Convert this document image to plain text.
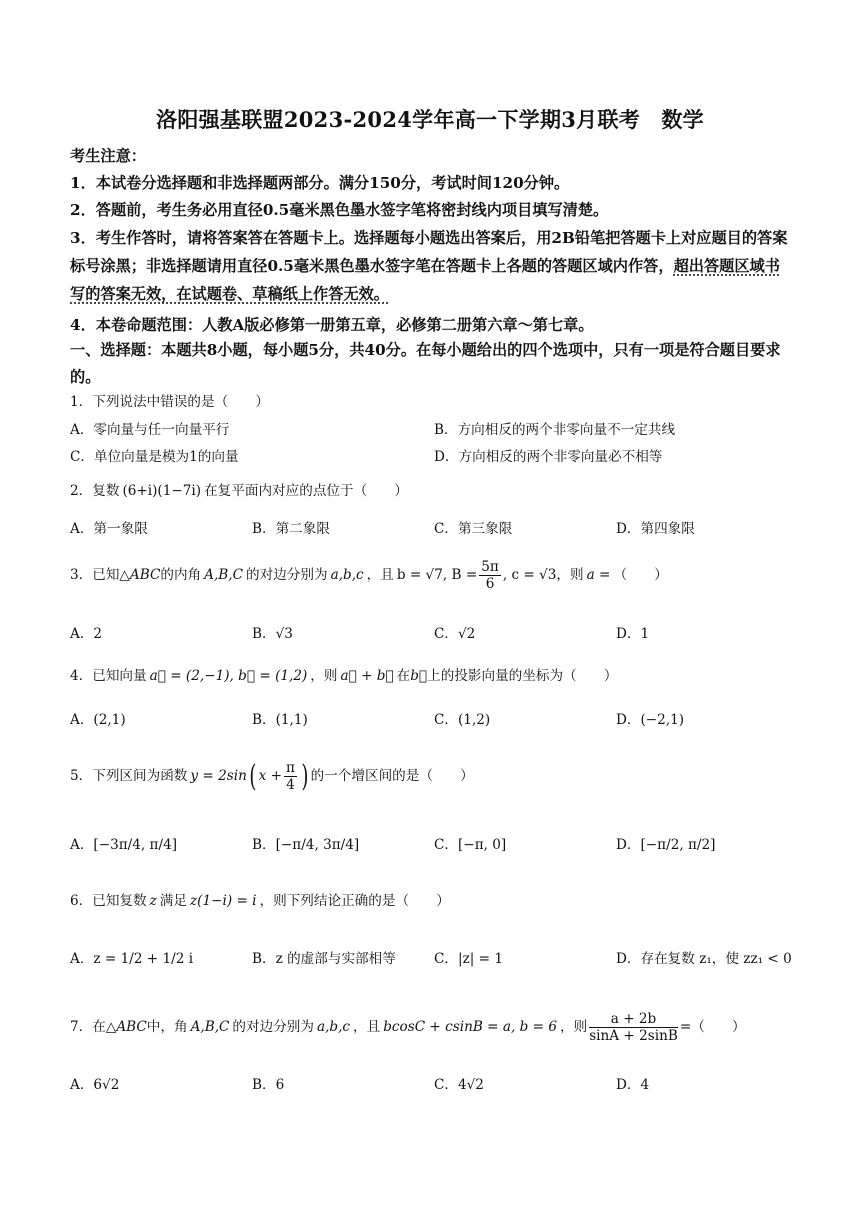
洛阳强基联盟2023-2024学年高一下学期3月联考　数学
考生注意：
1．本试卷分选择题和非选择题两部分。满分150分，考试时间120分钟。
2．答题前，考生务必用直径0.5毫米黑色墨水签字笔将密封线内项目填写清楚。
3．考生作答时，请将答案答在答题卡上。选择题每小题选出答案后，用2B铅笔把答题卡上对应题目的答案标号涂黑；非选择题请用直径0.5毫米黑色墨水签字笔在答题卡上各题的答题区域内作答，超出答题区域书写的答案无效，在试题卷、草稿纸上作答无效。
4．本卷命题范围：人教A版必修第一册第五章，必修第二册第六章～第七章。
一、选择题：本题共8小题，每小题5分，共40分。在每小题给出的四个选项中，只有一项是符合题目要求的。
1．下列说法中错误的是（　　）
A．零向量与任一向量平行	B．方向相反的两个非零向量不一定共线
C．单位向量是模为1的向量	D．方向相反的两个非零向量必不相等
2．复数 (6+i)(1−7i) 在复平面内对应的点位于（　　）
A．第一象限	B．第二象限	C．第三象限	D．第四象限
3．已知△ABC的内角 A,B,C 的对边分别为 a,b,c ，且 b = √7, $B = \frac{5\pi}{6}$ , c = √3，则 a = （　　）
A．2	B．√3	C．√2	D．1
4．已知向量 a⃗ = (2,−1), b⃗ = (1,2) ，则 a⃗ + b⃗ 在b⃗上的投影向量的坐标为（　　）
A．(2,1)	B．(1,1)	C．(1,2)	D．(−2,1)
5．下列区间为函数 y = 2sin( $x + \frac{\pi}{4}$ ) 的一个增区间的是（　　）
A．[−3π/4, π/4]	B．[−π/4, 3π/4]	C．[−π, 0]	D．[−π/2, π/2]
6．已知复数 z 满足 z(1−i) = i ，则下列结论正确的是（　　）
A．z = 1/2 + 1/2 i	B．z 的虚部与实部相等	C．|z| = 1	D．存在复数 z₁，使 zz₁ < 0
7．在△ABC中，角 A,B,C 的对边分别为 a,b,c ，且 bcosC + csinB = a, b = 6 ，则 $\frac{a + 2b}{\sin A + 2\sin B}$ =（　　）
A．6√2	B．6	C．4√2	D．4
